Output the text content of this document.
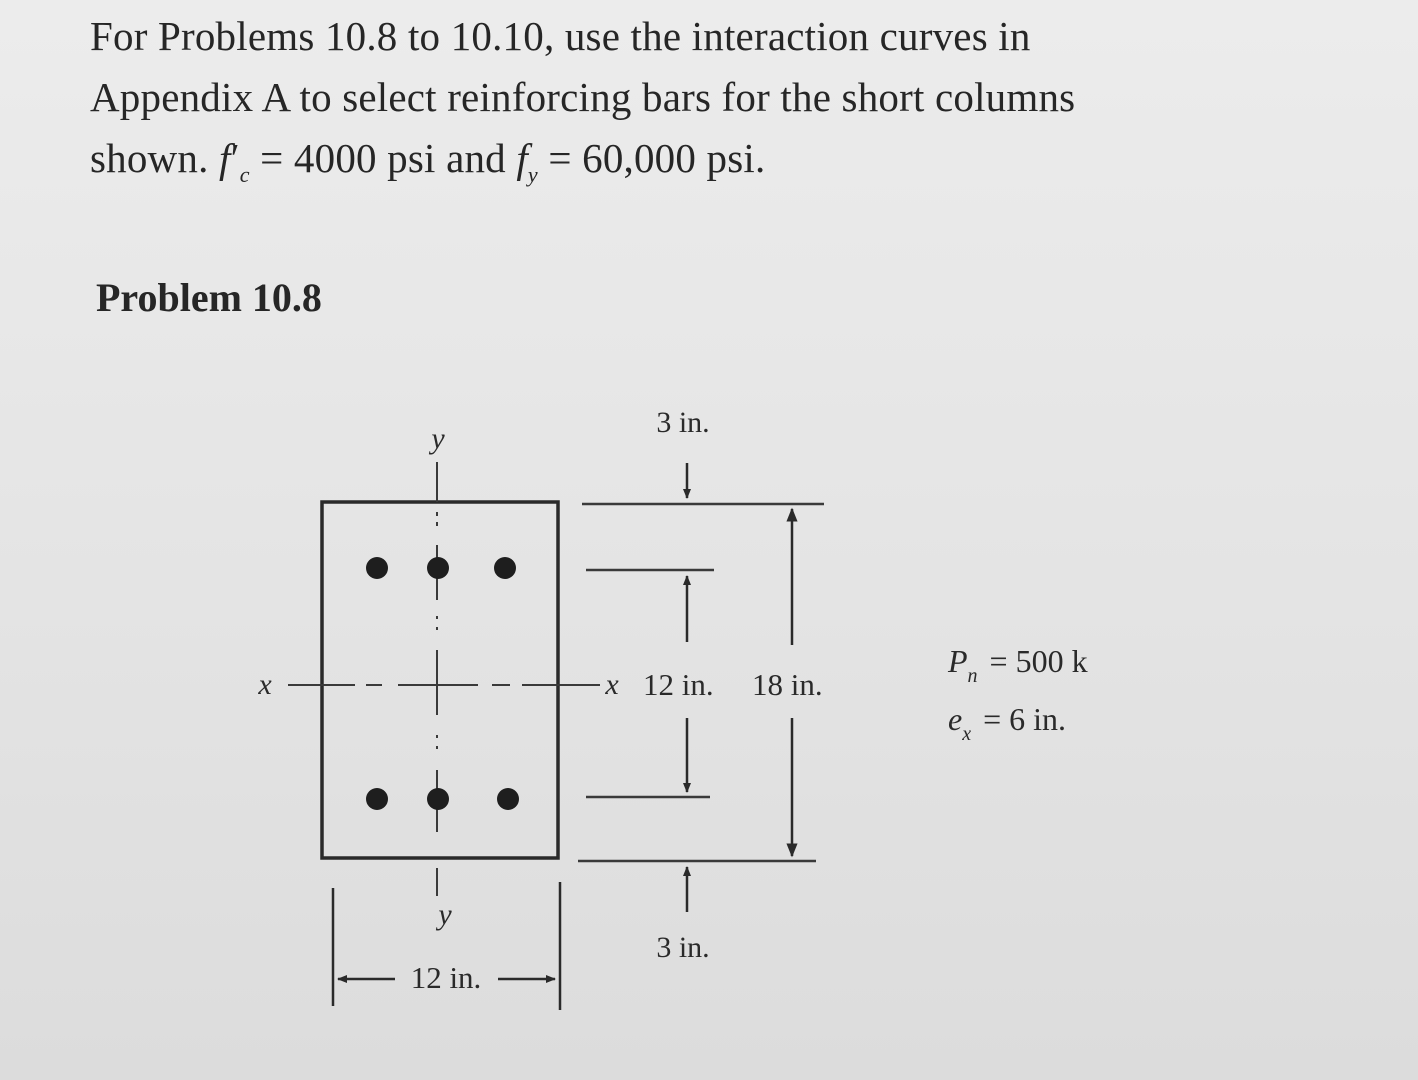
For Problems 10.8 to 10.10, use the interaction curves in
Appendix A to select reinforcing bars for the short columns
shown. $f'_c = 4000$ psi and $f_y = 60,000$ psi.
Problem 10.8
y
y
x	x
3 in.
12 in. 18 in.
3 in.
12 in.
$P_n = 500$ k
$e_x = 6$ in.
